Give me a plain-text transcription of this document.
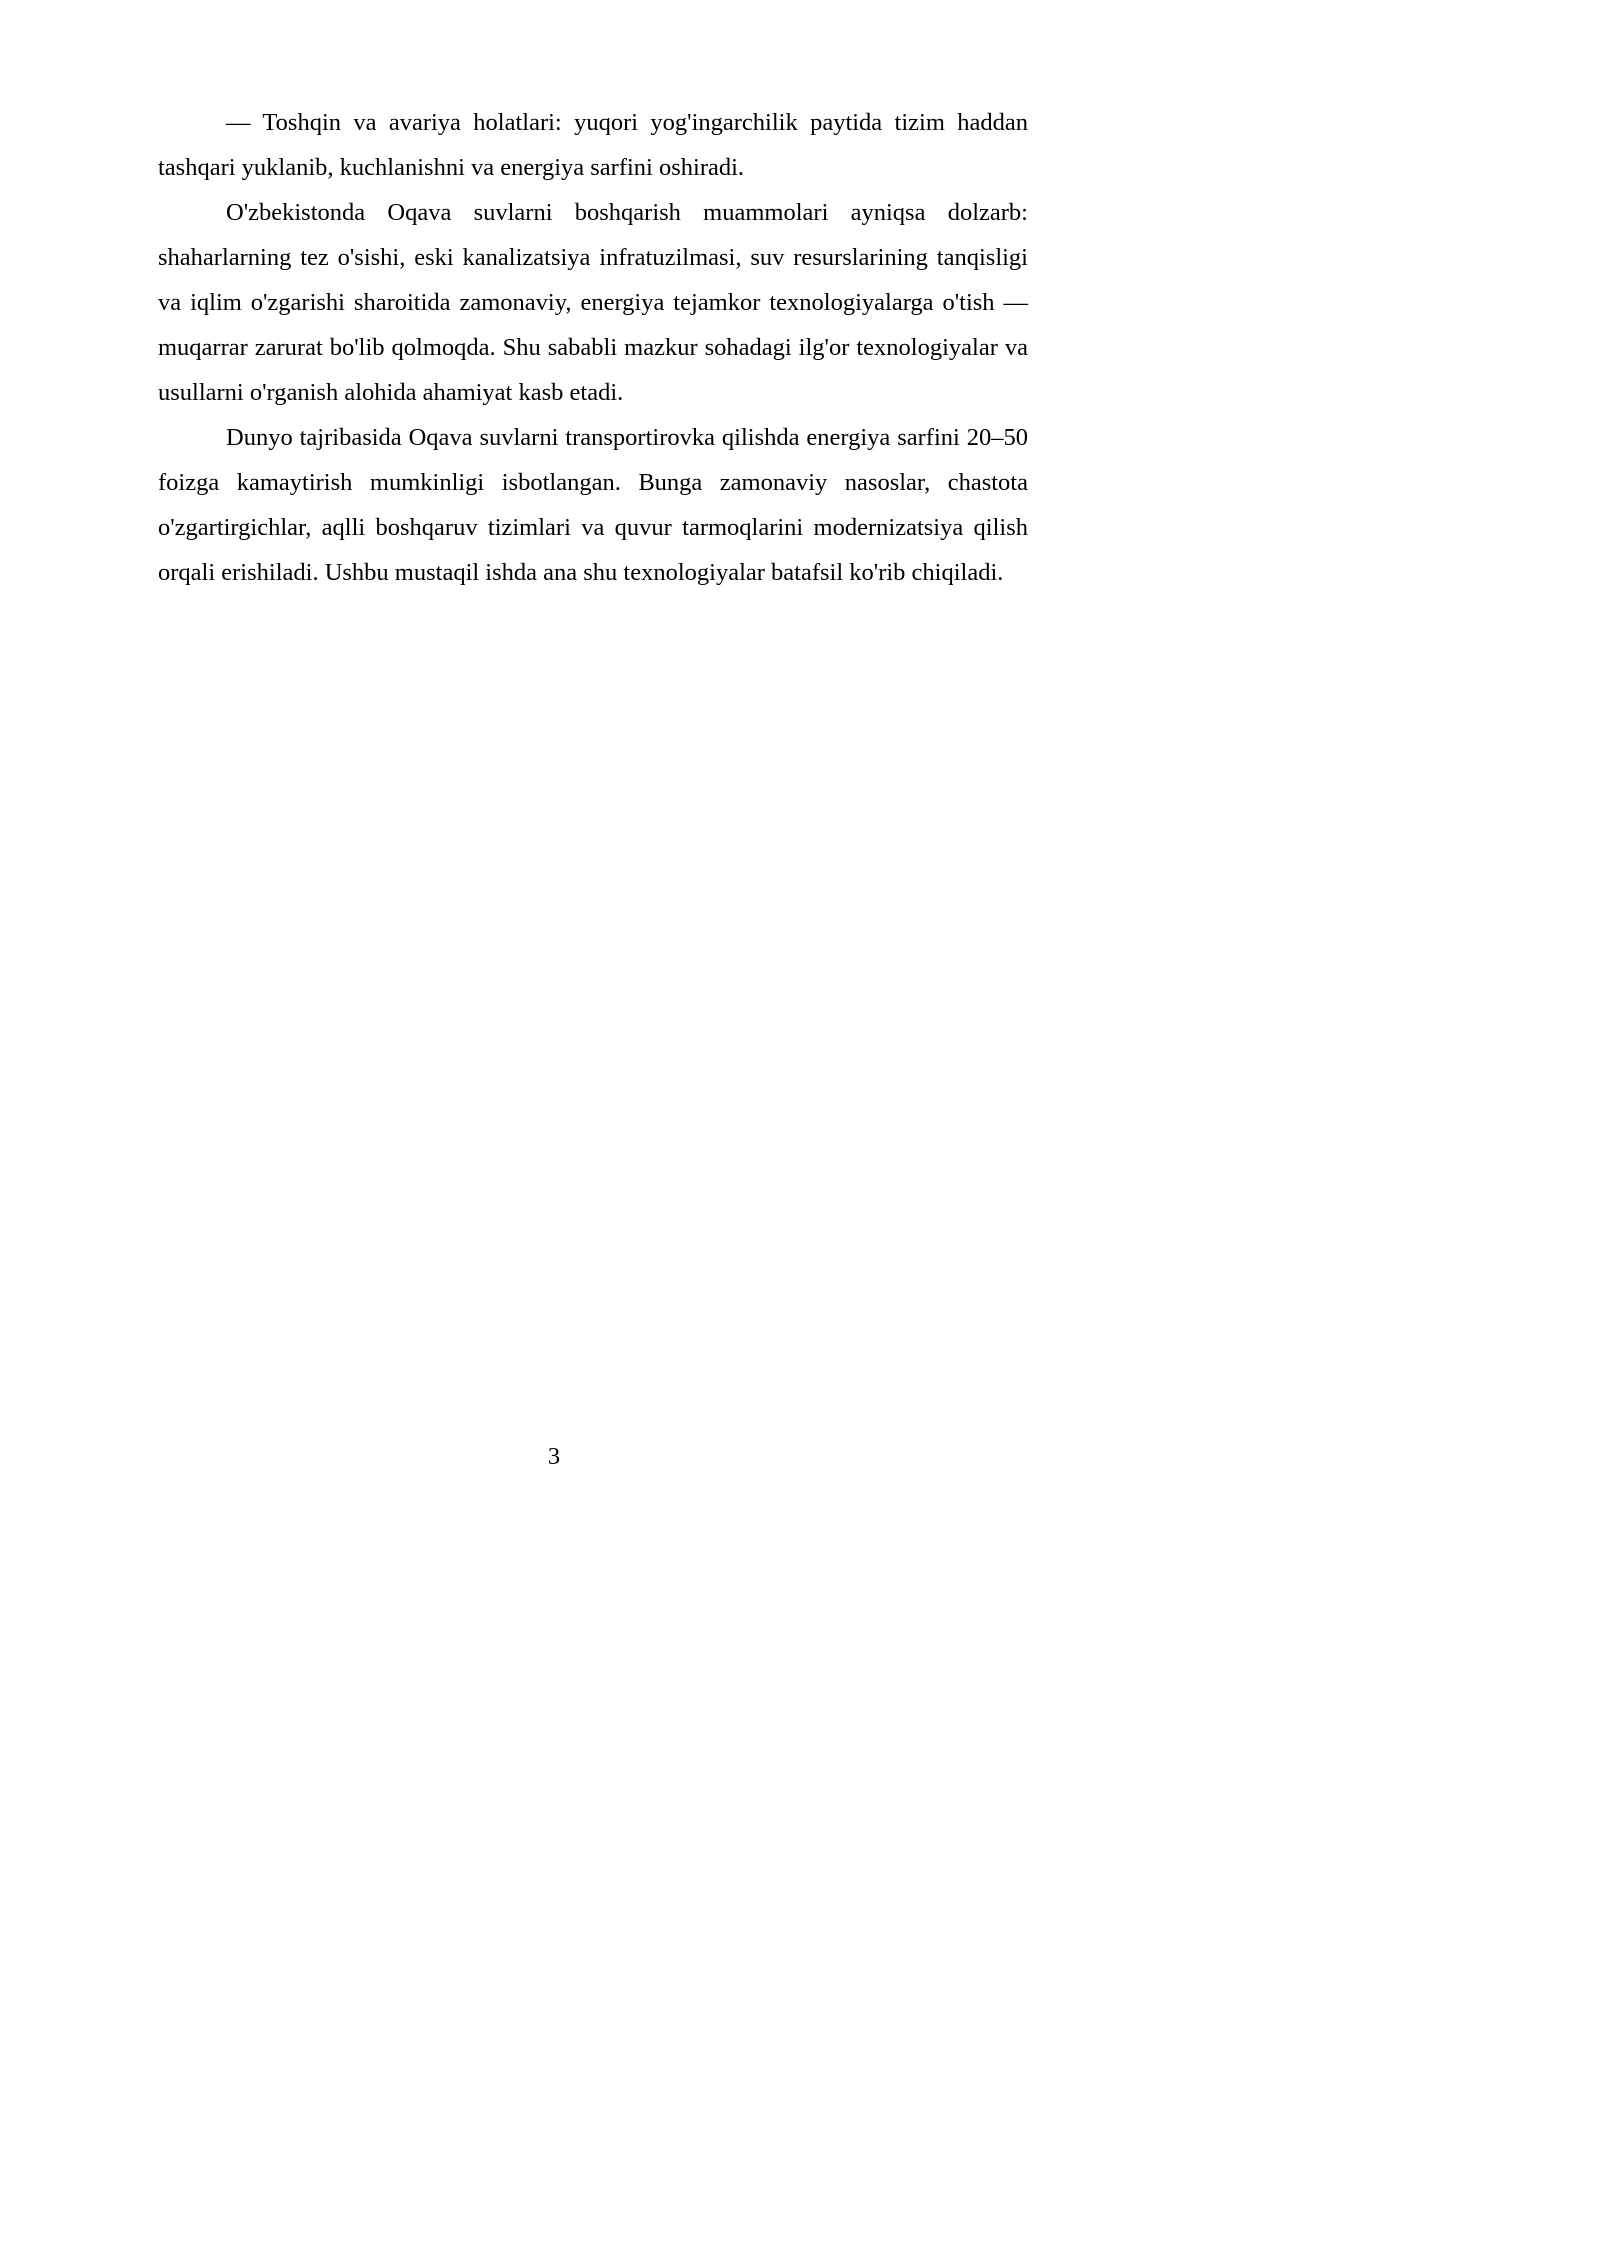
— Toshqin va avariya holatlari: yuqori yog'ingarchilik paytida tizim haddan tashqari yuklanib, kuchlanishni va energiya sarfini oshiradi.

O'zbekistonda Oqava suvlarni boshqarish muammolari ayniqsa dolzarb: shaharlarning tez o'sishi, eski kanalizatsiya infratuzilmasi, suv resurslarining tanqisligi va iqlim o'zgarishi sharoitida zamonaviy, energiya tejamkor texnologiyalarga o'tish — muqarrar zarurat bo'lib qolmoqda. Shu sababli mazkur sohadagi ilg'or texnologiyalar va usullarni o'rganish alohida ahamiyat kasb etadi.

Dunyo tajribasida Oqava suvlarni transportirovka qilishda energiya sarfini 20–50 foizga kamaytirish mumkinligi isbotlangan. Bunga zamonaviy nasoslar, chastota o'zgartirgichlar, aqlli boshqaruv tizimlari va quvur tarmoqlarini modernizatsiya qilish orqali erishiladi. Ushbu mustaqil ishda ana shu texnologiyalar batafsil ko'rib chiqiladi.

3
